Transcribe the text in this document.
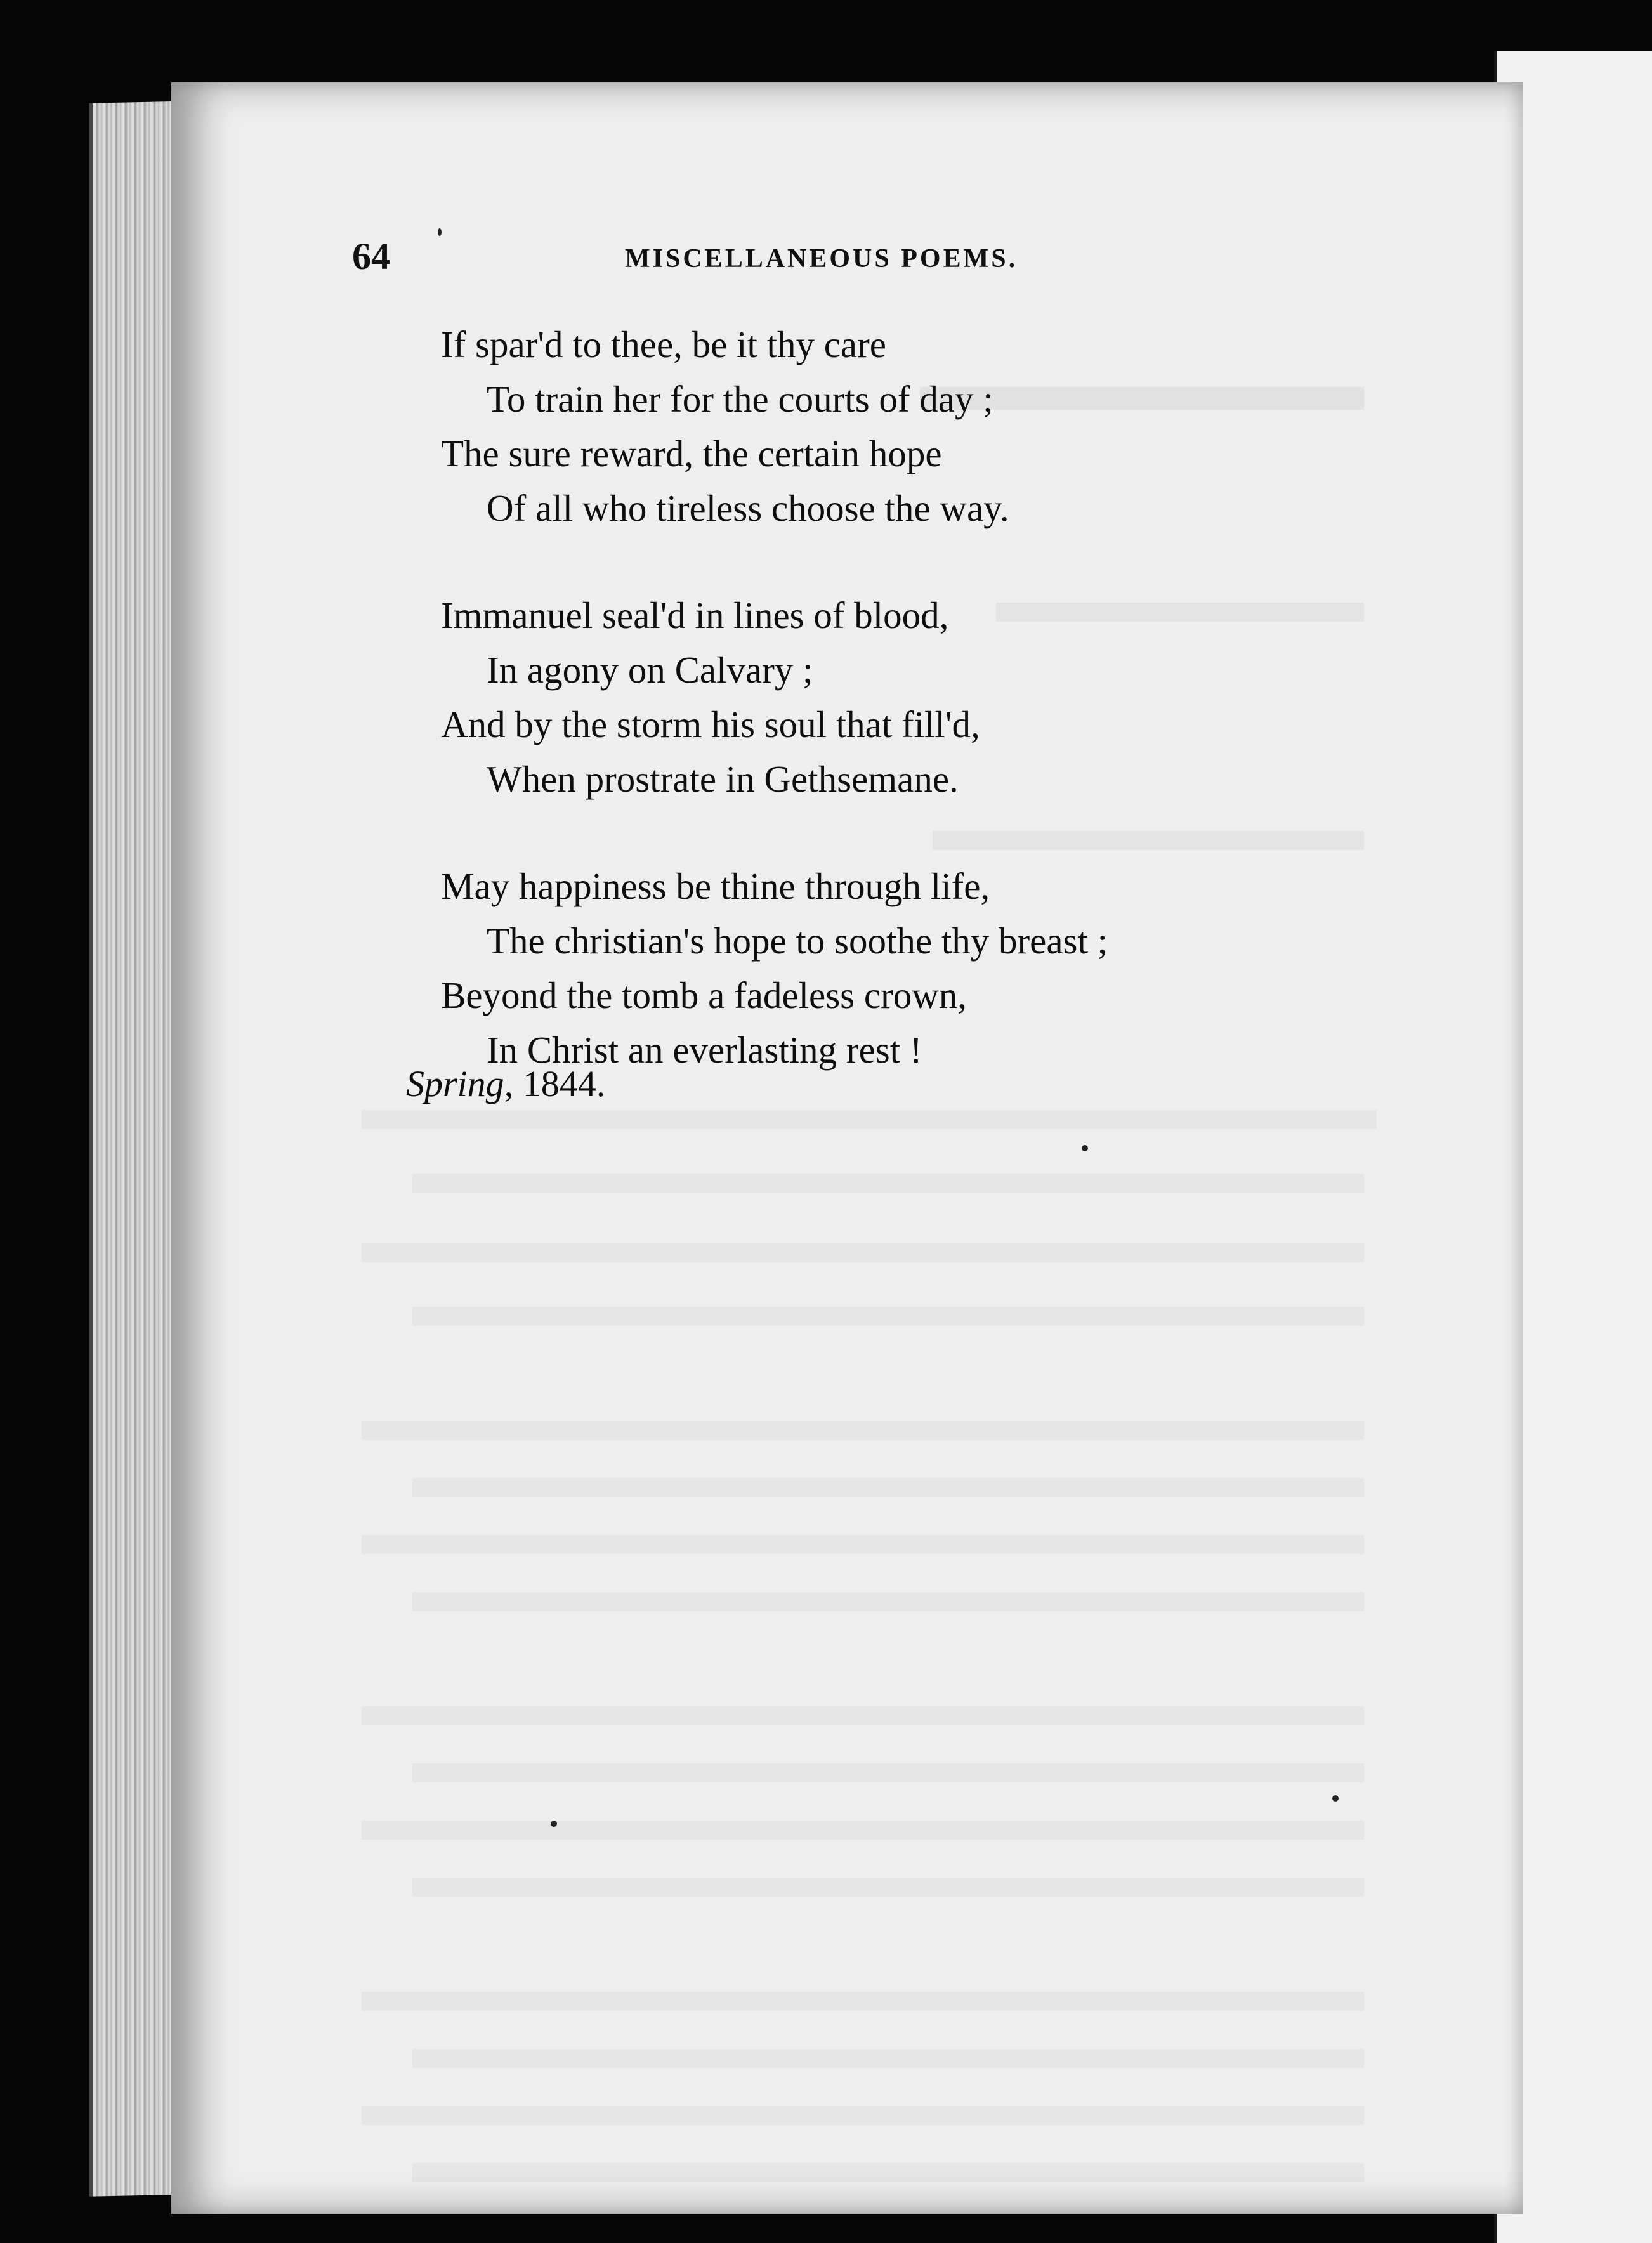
64	MISCELLANEOUS POEMS.
If spar'd to thee, be it thy care
To train her for the courts of day ;
The sure reward, the certain hope
Of all who tireless choose the way.
Immanuel seal'd in lines of blood,
In agony on Calvary ;
And by the storm his soul that fill'd,
When prostrate in Gethsemane.
May happiness be thine through life,
The christian's hope to soothe thy breast ;
Beyond the tomb a fadeless crown,
In Christ an everlasting rest !
Spring, 1844.
